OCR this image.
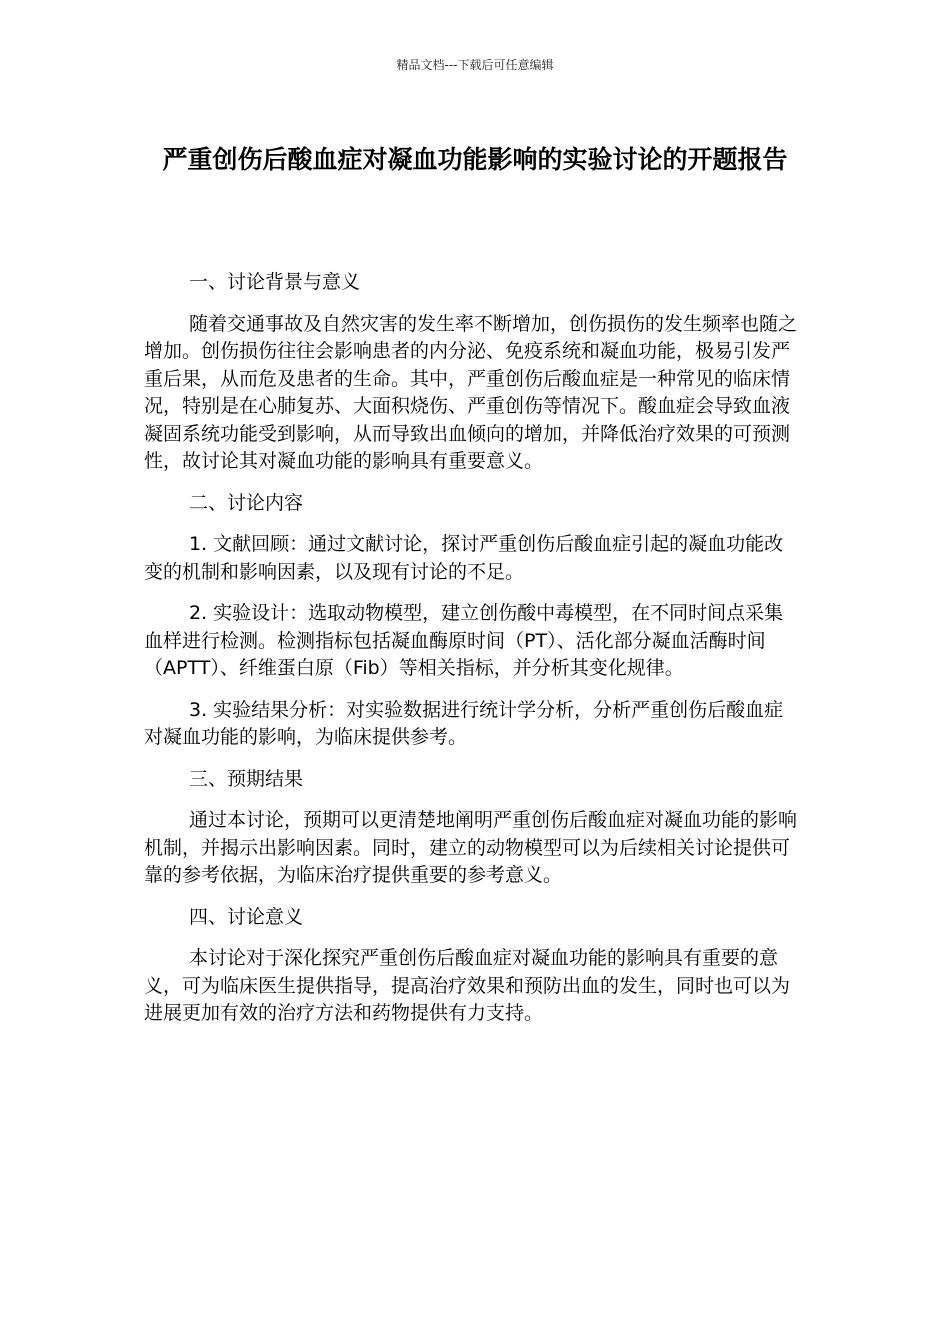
精品文档---下载后可任意编辑
严重创伤后酸血症对凝血功能影响的实验讨论的开题报告

一、讨论背景与意义

随着交通事故及自然灾害的发生率不断增加，创伤损伤的发生频率也随之增加。创伤损伤往往会影响患者的内分泌、免疫系统和凝血功能，极易引发严重后果，从而危及患者的生命。其中，严重创伤后酸血症是一种常见的临床情况，特别是在心肺复苏、大面积烧伤、严重创伤等情况下。酸血症会导致血液凝固系统功能受到影响，从而导致出血倾向的增加，并降低治疗效果的可预测性，故讨论其对凝血功能的影响具有重要意义。

二、讨论内容

1. 文献回顾：通过文献讨论，探讨严重创伤后酸血症引起的凝血功能改变的机制和影响因素，以及现有讨论的不足。

2. 实验设计：选取动物模型，建立创伤酸中毒模型，在不同时间点采集血样进行检测。检测指标包括凝血酶原时间（PT）、活化部分凝血活酶时间（APTT）、纤维蛋白原（Fib）等相关指标，并分析其变化规律。

3. 实验结果分析：对实验数据进行统计学分析，分析严重创伤后酸血症对凝血功能的影响，为临床提供参考。

三、预期结果

通过本讨论，预期可以更清楚地阐明严重创伤后酸血症对凝血功能的影响机制，并揭示出影响因素。同时，建立的动物模型可以为后续相关讨论提供可靠的参考依据，为临床治疗提供重要的参考意义。

四、讨论意义

本讨论对于深化探究严重创伤后酸血症对凝血功能的影响具有重要的意义，可为临床医生提供指导，提高治疗效果和预防出血的发生，同时也可以为进展更加有效的治疗方法和药物提供有力支持。
